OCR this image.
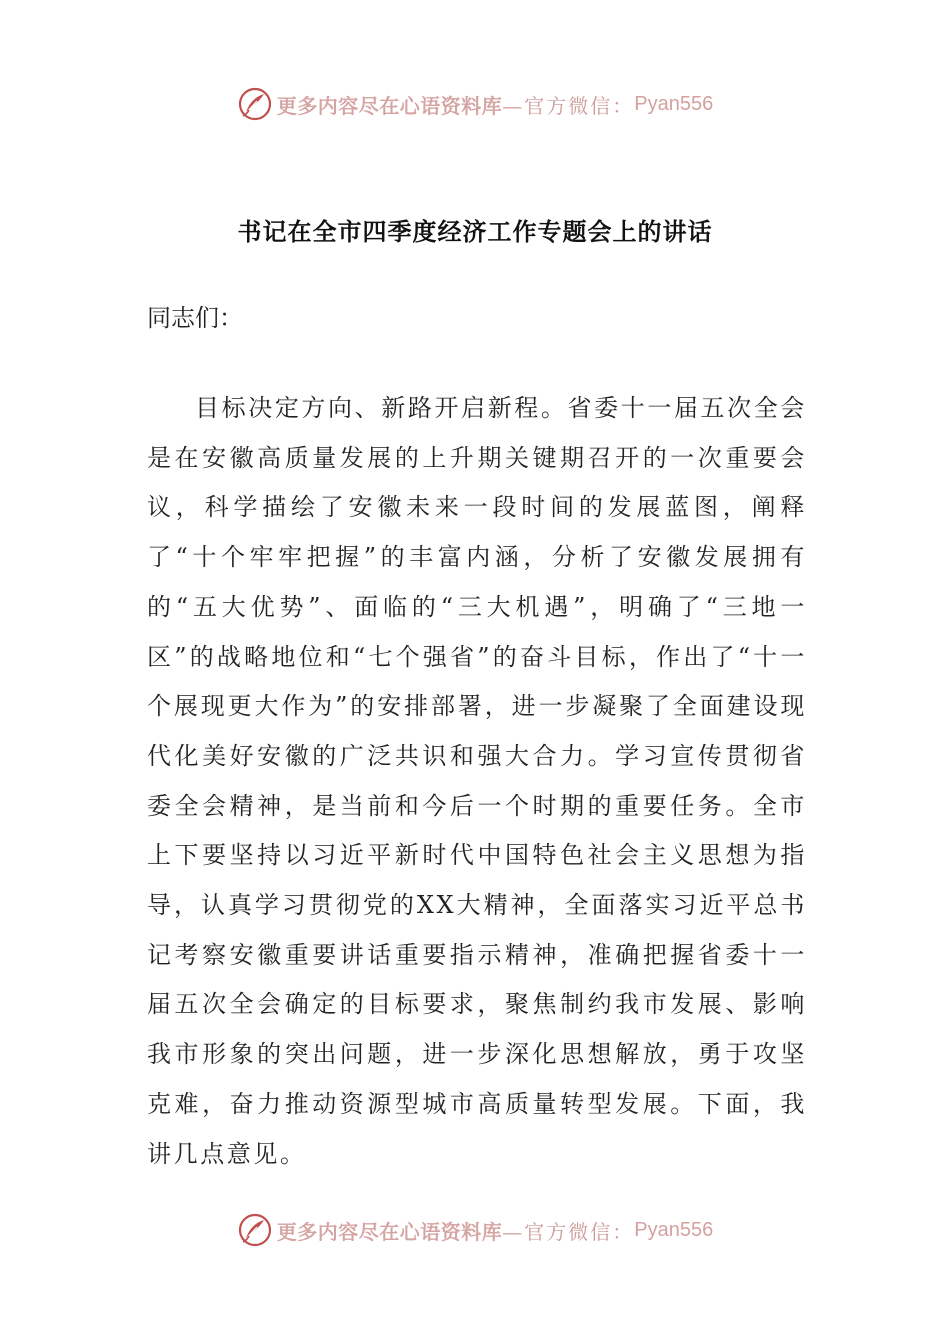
更多内容尽在心语资料库 —官方微信： Pyan556
书记在全市四季度经济工作专题会上的讲话
同志们：

目标决定方向、新路开启新程。省委十一届五次全会是在安徽高质量发展的上升期关键期召开的一次重要会议，科学描绘了安徽未来一段时间的发展蓝图，阐释了“十个牢牢把握”的丰富内涵，分析了安徽发展拥有的“五大优势”、面临的“三大机遇”，明确了“三地一区”的战略地位和“七个强省”的奋斗目标，作出了“十一个展现更大作为”的安排部署，进一步凝聚了全面建设现代化美好安徽的广泛共识和强大合力。学习宣传贯彻省委全会精神，是当前和今后一个时期的重要任务。全市上下要坚持以习近平新时代中国特色社会主义思想为指导，认真学习贯彻党的XX大精神，全面落实习近平总书记考察安徽重要讲话重要指示精神，准确把握省委十一届五次全会确定的目标要求，聚焦制约我市发展、影响我市形象的突出问题，进一步深化思想解放，勇于攻坚克难，奋力推动资源型城市高质量转型发展。下面，我讲几点意见。

更多内容尽在心语资料库 —官方微信： Pyan556
